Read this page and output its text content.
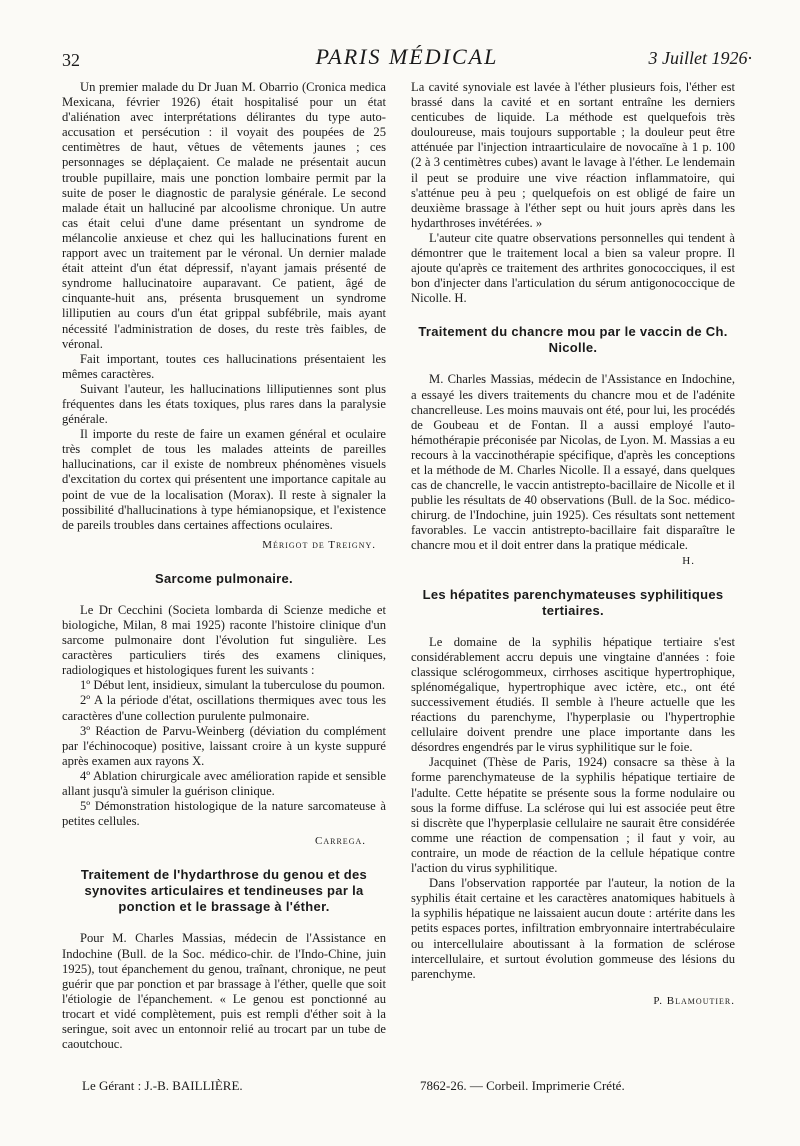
32	PARIS MÉDICAL	3 Juillet 1926·

Un premier malade du Dr Juan M. Obarrio (Cronica medica Mexicana, février 1926) était hospitalisé pour un état d'aliénation avec interprétations délirantes du type auto-accusation et persécution : il voyait des poupées de 25 centimètres de haut, vêtues de vêtements jaunes ; ces personnages se déplaçaient. Ce malade ne présentait aucun trouble pupillaire, mais une ponction lombaire permit par la suite de poser le diagnostic de paralysie générale. Le second malade était un halluciné par alcoolisme chronique. Un autre cas était celui d'une dame présentant un syndrome de mélancolie anxieuse et chez qui les hallucinations furent en rapport avec un traitement par le véronal. Un dernier malade était atteint d'un état dépressif, n'ayant jamais présenté de syndrome hallucinatoire auparavant. Ce patient, âgé de cinquante-huit ans, présenta brusquement un syndrome lilliputien au cours d'un état grippal subfébrile, mais ayant nécessité l'administration de doses, du reste très faibles, de véronal.

Fait important, toutes ces hallucinations présentaient les mêmes caractères.

Suivant l'auteur, les hallucinations lilliputiennes sont plus fréquentes dans les états toxiques, plus rares dans la paralysie générale.

Il importe du reste de faire un examen général et oculaire très complet de tous les malades atteints de pareilles hallucinations, car il existe de nombreux phénomènes visuels d'excitation du cortex qui présentent une importance capitale au point de vue de la localisation (Morax). Il reste à signaler la possibilité d'hallucinations à type hémianopsique, et l'existence de pareils troubles dans certaines affections oculaires.

Mérigot de Treigny.

Sarcome pulmonaire.

Le Dr Cecchini (Societa lombarda di Scienze mediche et biologiche, Milan, 8 mai 1925) raconte l'histoire clinique d'un sarcome pulmonaire dont l'évolution fut singulière. Les caractères particuliers tirés des examens cliniques, radiologiques et histologiques furent les suivants :

1º Début lent, insidieux, simulant la tuberculose du poumon.

2º A la période d'état, oscillations thermiques avec tous les caractères d'une collection purulente pulmonaire.

3º Réaction de Parvu-Weinberg (déviation du complément par l'échinocoque) positive, laissant croire à un kyste suppuré après examen aux rayons X.

4º Ablation chirurgicale avec amélioration rapide et sensible allant jusqu'à simuler la guérison clinique.

5º Démonstration histologique de la nature sarcomateuse à petites cellules.

Carrega.

Traitement de l'hydarthrose du genou et des synovites articulaires et tendineuses par la ponction et le brassage à l'éther.

Pour M. Charles Massias, médecin de l'Assistance en Indochine (Bull. de la Soc. médico-chir. de l'Indo-Chine, juin 1925), tout épanchement du genou, traînant, chronique, ne peut guérir que par ponction et par brassage à l'éther, quelle que soit l'étiologie de l'épanchement. « Le genou est ponctionné au trocart et vidé complètement, puis est rempli d'éther soit à la seringue, soit avec un entonnoir relié au trocart par un tube de caoutchouc.

La cavité synoviale est lavée à l'éther plusieurs fois, l'éther est brassé dans la cavité et en sortant entraîne les derniers centicubes de liquide. La méthode est quelquefois très douloureuse, mais toujours supportable ; la douleur peut être atténuée par l'injection intraarticulaire de novocaïne à 1 p. 100 (2 à 3 centimètres cubes) avant le lavage à l'éther. Le lendemain il peut se produire une vive réaction inflammatoire, qui s'atténue peu à peu ; quelquefois on est obligé de faire un deuxième brassage à l'éther sept ou huit jours après dans les hydarthroses invétérées. »

L'auteur cite quatre observations personnelles qui tendent à démontrer que le traitement local a bien sa valeur propre. Il ajoute qu'après ce traitement des arthrites gonococciques, il est bon d'injecter dans l'articulation du sérum antigonococcique de Nicolle. H.

Traitement du chancre mou par le vaccin de Ch. Nicolle.

M. Charles Massias, médecin de l'Assistance en Indochine, a essayé les divers traitements du chancre mou et de l'adénite chancrelleuse. Les moins mauvais ont été, pour lui, les procédés de Goubeau et de Fontan. Il a aussi employé l'auto-hémothérapie préconisée par Nicolas, de Lyon. M. Massias a eu recours à la vaccinothérapie spécifique, d'après les conceptions et la méthode de M. Charles Nicolle. Il a essayé, dans quelques cas de chancrelle, le vaccin antistrepto-bacillaire de Nicolle et il publie les résultats de 40 observations (Bull. de la Soc. médico-chirurg. de l'Indochine, juin 1925). Ces résultats sont nettement favorables. Le vaccin antistrepto-bacillaire fait disparaître le chancre mou et il doit entrer dans la pratique médicale.

H.

Les hépatites parenchymateuses syphilitiques tertiaires.

Le domaine de la syphilis hépatique tertiaire s'est considérablement accru depuis une vingtaine d'années : foie classique sclérogommeux, cirrhoses ascitique hypertrophique, splénomégalique, hypertrophique avec ictère, etc., ont été successivement étudiés. Il semble à l'heure actuelle que les réactions du parenchyme, l'hyperplasie ou l'hypertrophie cellulaire doivent prendre une place importante dans les désordres engendrés par le virus syphilitique sur le foie.

Jacquinet (Thèse de Paris, 1924) consacre sa thèse à la forme parenchymateuse de la syphilis hépatique tertiaire de l'adulte. Cette hépatite se présente sous la forme nodulaire ou sous la forme diffuse. La sclérose qui lui est associée peut être si discrète que l'hyperplasie cellulaire ne saurait être considérée comme une réaction de compensation ; il faut y voir, au contraire, un mode de réaction de la cellule hépatique contre l'action du virus syphilitique.

Dans l'observation rapportée par l'auteur, la notion de la syphilis était certaine et les caractères anatomiques habituels à la syphilis hépatique ne laissaient aucun doute : artérite dans les petits espaces portes, infiltration embryonnaire intertrabéculaire ou intercellulaire aboutissant à la formation de sclérose intercellulaire, et surtout évolution gommeuse des lésions du parenchyme.

P. Blamoutier.

Le Gérant : J.-B. BAILLIÈRE.	7862-26. — Corbeil. Imprimerie Crété.
